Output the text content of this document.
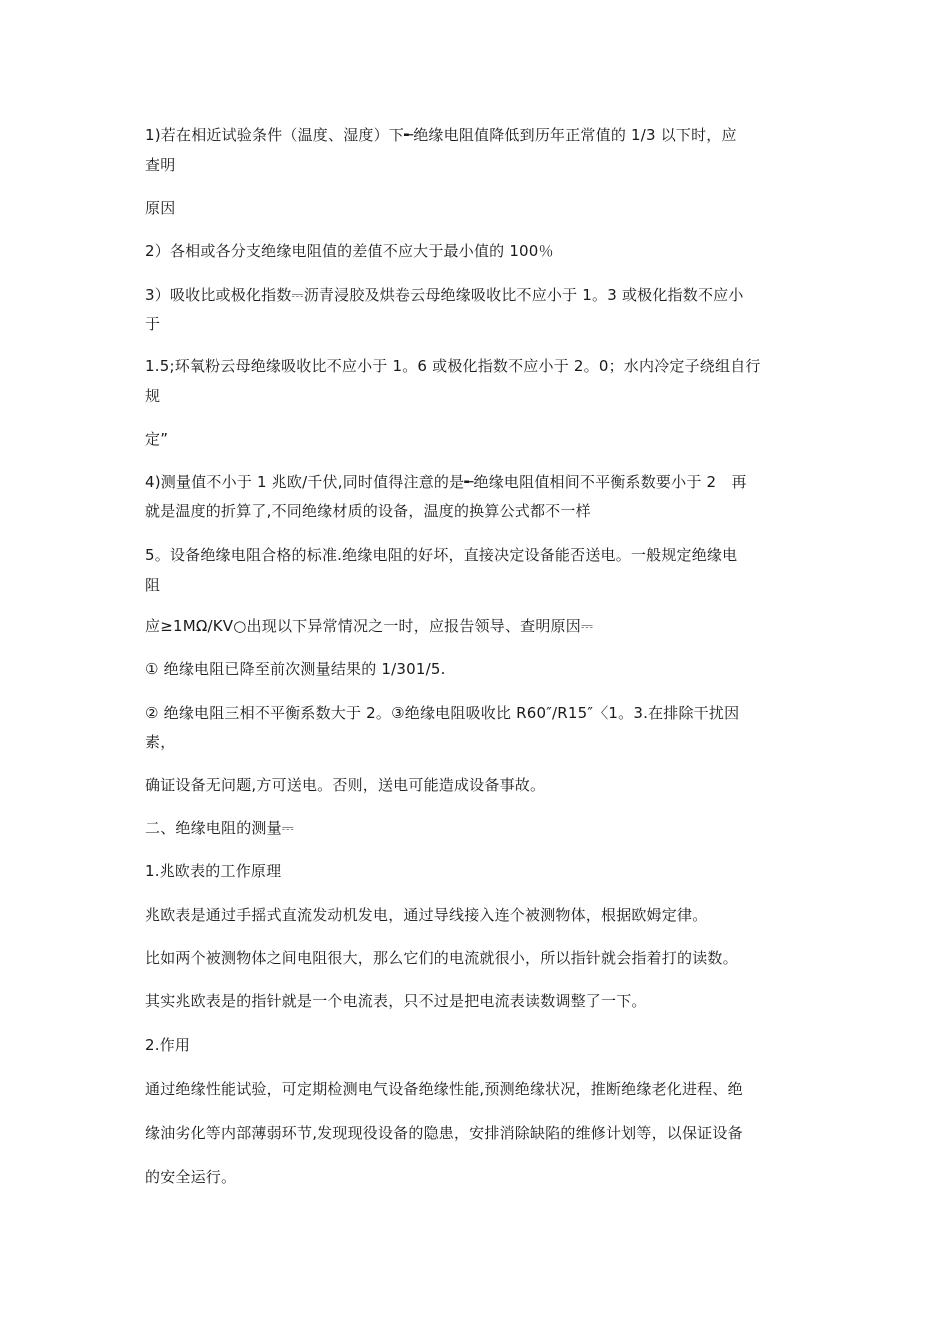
1)若在相近试验条件（温度、湿度）下╾绝缘电阻值降低到历年正常值的 1/3 以下时，应
查明
原因
2）各相或各分支绝缘电阻值的差值不应大于最小值的 100％
3）吸收比或极化指数⎓沥青浸胶及烘卷云母绝缘吸收比不应小于 1。3 或极化指数不应小
于
1.5;环氧粉云母绝缘吸收比不应小于 1。6 或极化指数不应小于 2。0；水内冷定子绕组自行
规
定”
4)测量值不小于 1 兆欧/千伏,同时值得注意的是╾绝缘电阻值相间不平衡系数要小于 2　再
就是温度的折算了,不同绝缘材质的设备，温度的换算公式都不一样
5。设备绝缘电阻合格的标准.绝缘电阻的好坏，直接决定设备能否送电。一般规定绝缘电
阻
应≥1MΩ/KV○出现以下异常情况之一时，应报告领导、查明原因⎓
① 绝缘电阻已降至前次测量结果的 1/301/5.
② 绝缘电阻三相不平衡系数大于 2。③绝缘电阻吸收比 R60″/R15″〈1。3.在排除干扰因
素，
确证设备无问题,方可送电。否则，送电可能造成设备事故。
二、绝缘电阻的测量⎓
1.兆欧表的工作原理
兆欧表是通过手摇式直流发动机发电，通过导线接入连个被测物体，根据欧姆定律。
比如两个被测物体之间电阻很大，那么它们的电流就很小，所以指针就会指着打的读数。
其实兆欧表是的指针就是一个电流表，只不过是把电流表读数调整了一下。
2.作用
通过绝缘性能试验，可定期检测电气设备绝缘性能,预测绝缘状况，推断绝缘老化进程、绝
缘油劣化等内部薄弱环节,发现现役设备的隐患，安排消除缺陷的维修计划等，以保证设备
的安全运行。
